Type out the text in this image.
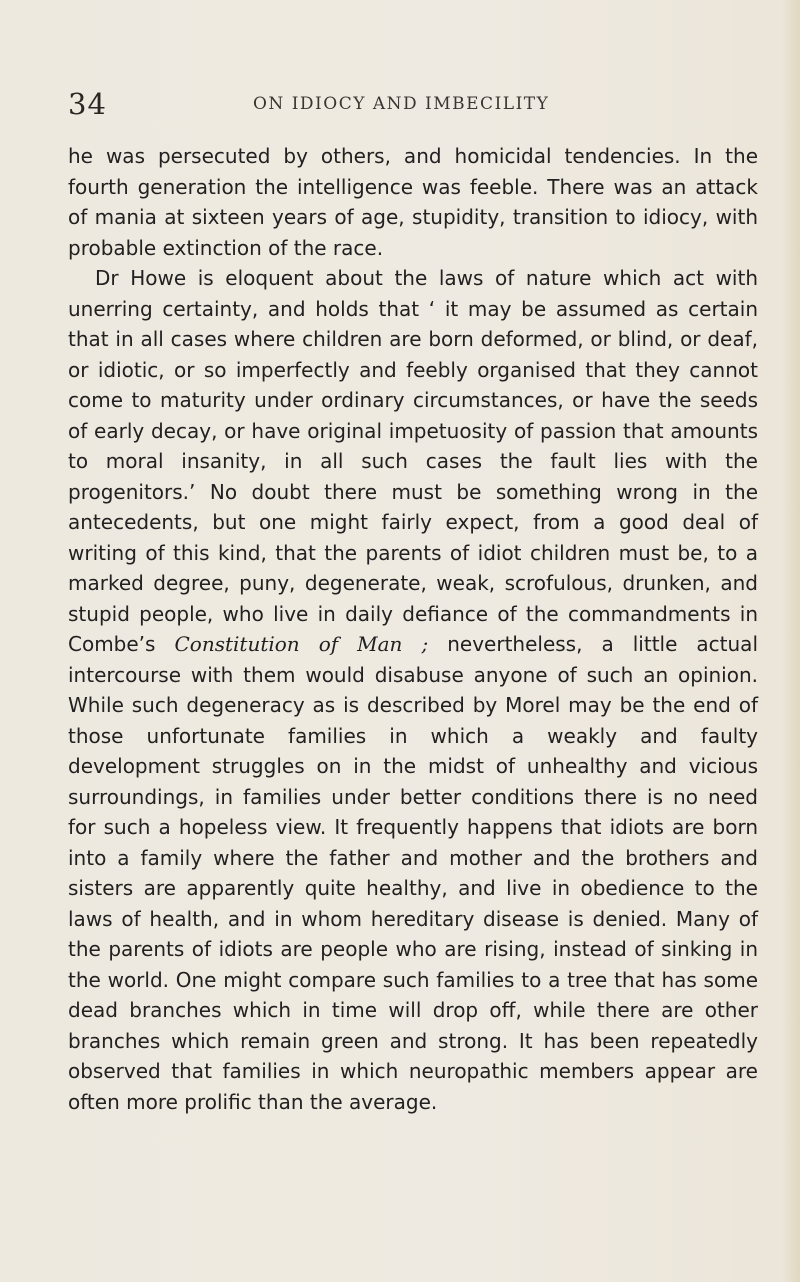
34	ON IDIOCY AND IMBECILITY

he was persecuted by others, and homicidal tendencies. In the fourth generation the intelligence was feeble. There was an attack of mania at sixteen years of age, stupidity, transition to idiocy, with probable extinction of the race.

Dr Howe is eloquent about the laws of nature which act with unerring certainty, and holds that ‘ it may be assumed as certain that in all cases where children are born deformed, or blind, or deaf, or idiotic, or so imperfectly and feebly organised that they cannot come to maturity under ordinary circumstances, or have the seeds of early decay, or have original impetuosity of passion that amounts to moral insanity, in all such cases the fault lies with the progenitors.’ No doubt there must be something wrong in the antecedents, but one might fairly expect, from a good deal of writing of this kind, that the parents of idiot children must be, to a marked degree, puny, degenerate, weak, scrofulous, drunken, and stupid people, who live in daily defiance of the commandments in Combe’s Constitution of Man ; nevertheless, a little actual intercourse with them would disabuse anyone of such an opinion. While such degeneracy as is described by Morel may be the end of those unfortunate families in which a weakly and faulty development struggles on in the midst of unhealthy and vicious surroundings, in families under better conditions there is no need for such a hopeless view. It frequently happens that idiots are born into a family where the father and mother and the brothers and sisters are apparently quite healthy, and live in obedience to the laws of health, and in whom hereditary disease is denied. Many of the parents of idiots are people who are rising, instead of sinking in the world. One might compare such families to a tree that has some dead branches which in time will drop off, while there are other branches which remain green and strong. It has been repeatedly observed that families in which neuropathic members appear are often more prolific than the average.
